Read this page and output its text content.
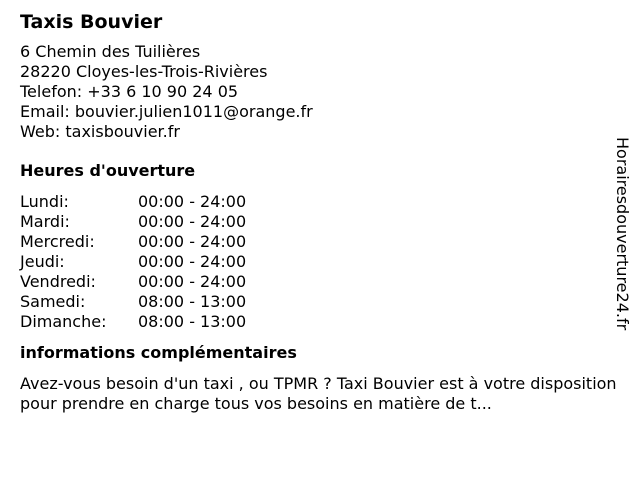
Taxis Bouvier
6 Chemin des Tuilières
28220 Cloyes-les-Trois-Rivières
Telefon: +33 6 10 90 24 05
Email: bouvier.julien1011@orange.fr
Web: taxisbouvier.fr
Heures d'ouverture
Lundi:	00:00 - 24:00
Mardi:	00:00 - 24:00
Mercredi:	00:00 - 24:00
Jeudi:	00:00 - 24:00
Vendredi:	00:00 - 24:00
Samedi:	08:00 - 13:00
Dimanche:	08:00 - 13:00
informations complémentaires
Avez-vous besoin d'un taxi , ou TPMR ? Taxi Bouvier est à votre disposition pour prendre en charge tous vos besoins en matière de t...
Horairesdouverture24.fr
